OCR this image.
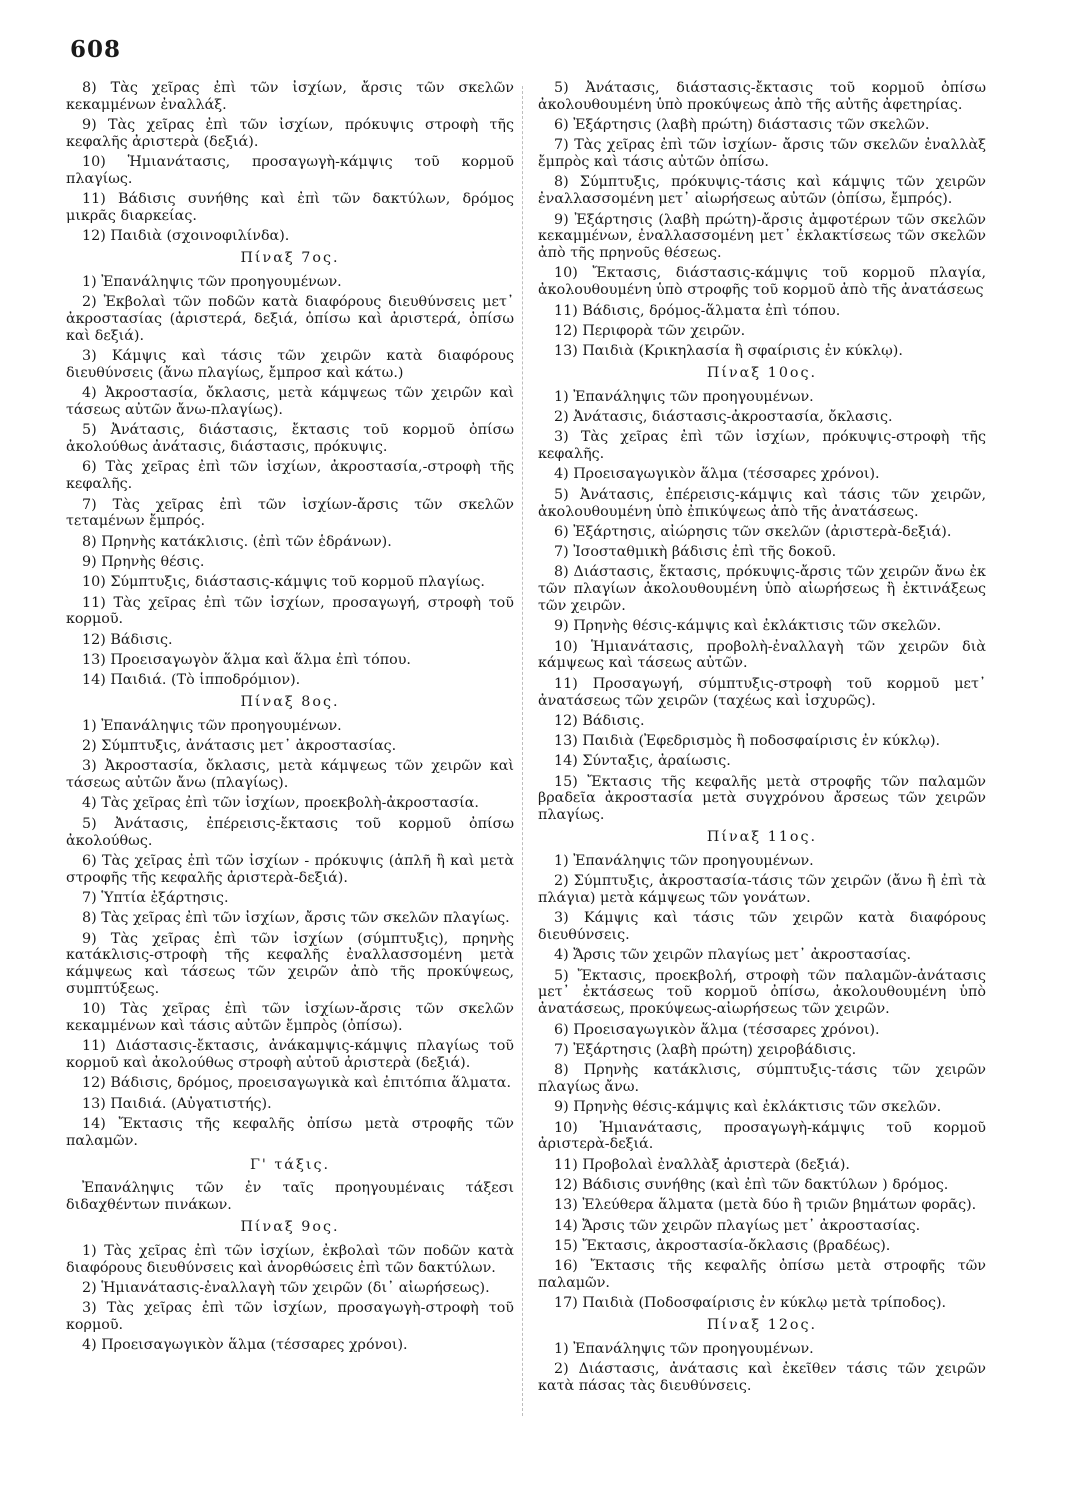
608

8) Τὰς χεῖρας ἐπὶ τῶν ἰσχίων, ἄρσις τῶν σκελῶν κεκαμμένων ἐναλλάξ.

9) Τὰς χεῖρας ἐπὶ τῶν ἰσχίων, πρόκυψις στροφὴ τῆς κεφαλῆς ἀριστερὰ (δεξιά).

10) Ἡμιανάτασις, προσαγωγὴ-κάμψις τοῦ κορμοῦ πλαγίως.

11) Βάδισις συνήθης καὶ ἐπὶ τῶν δακτύλων, δρόμος μικρᾶς διαρκείας.

12) Παιδιὰ (σχοινοφιλίνδα).

Πίναξ 7ος.

1) Ἐπανάληψις τῶν προηγουμένων.

2) Ἐκβολαὶ τῶν ποδῶν κατὰ διαφόρους διευθύνσεις μετ᾽ ἀκροστασίας (ἀριστερά, δεξιά, ὀπίσω καὶ ἀριστερά, ὀπίσω καὶ δεξιά).

3) Κάμψις καὶ τάσις τῶν χειρῶν κατὰ διαφόρους διευθύνσεις (ἄνω πλαγίως, ἔμπροσ καὶ κάτω.)

4) Ἀκροστασία, ὄκλασις, μετὰ κάμψεως τῶν χειρῶν καὶ τάσεως αὐτῶν ἄνω-πλαγίως).

5) Ἀνάτασις, διάστασις, ἔκτασις τοῦ κορμοῦ ὀπίσω ἀκολούθως ἀνάτασις, διάστασις, πρόκυψις.

6) Τὰς χεῖρας ἐπὶ τῶν ἰσχίων, ἀκροστασία,-στροφὴ τῆς κεφαλῆς.

7) Τὰς χεῖρας ἐπὶ τῶν ἰσχίων-ἄρσις τῶν σκελῶν τεταμένων ἔμπρός.

8) Πρηνὴς κατάκλισις. (ἐπὶ τῶν ἑδράνων).

9) Πρηνὴς θέσις.

10) Σύμπτυξις, διάστασις-κάμψις τοῦ κορμοῦ πλαγίως.

11) Τὰς χεῖρας ἐπὶ τῶν ἰσχίων, προσαγωγή, στροφὴ τοῦ κορμοῦ.

12) Βάδισις.

13) Προεισαγωγὸν ἅλμα καὶ ἅλμα ἐπὶ τόπου.

14) Παιδιά. (Τὸ ἱπποδρόμιον).

Πίναξ 8ος.

1) Ἐπανάληψις τῶν προηγουμένων.

2) Σύμπτυξις, ἀνάτασις μετ᾽ ἀκροστασίας.

3) Ἀκροστασία, ὄκλασις, μετὰ κάμψεως τῶν χειρῶν καὶ τάσεως αὐτῶν ἄνω (πλαγίως).

4) Τὰς χεῖρας ἐπὶ τῶν ἰσχίων, προεκβολὴ-ἀκροστασία.

5) Ἀνάτασις, ἐπέρεισις-ἔκτασις τοῦ κορμοῦ ὀπίσω ἀκολούθως.

6) Τὰς χεῖρας ἐπὶ τῶν ἰσχίων - πρόκυψις (ἁπλῆ ἢ καὶ μετὰ στροφῆς τῆς κεφαλῆς ἀριστερὰ-δεξιά).

7) Ὑπτία ἐξάρτησις.

8) Τὰς χεῖρας ἐπὶ τῶν ἰσχίων, ἄρσις τῶν σκελῶν πλαγίως.

9) Τὰς χεῖρας ἐπὶ τῶν ἰσχίων (σύμπτυξις), πρηνὴς κατάκλισις-στροφὴ τῆς κεφαλῆς ἐναλλασσομένη μετὰ κάμψεως καὶ τάσεως τῶν χειρῶν ἀπὸ τῆς προκύψεως, συμπτύξεως.

10) Τὰς χεῖρας ἐπὶ τῶν ἰσχίων-ἄρσις τῶν σκελῶν κεκαμμένων καὶ τάσις αὐτῶν ἔμπρὸς (ὀπίσω).

11) Διάστασις-ἔκτασις, ἀνάκαμψις-κάμψις πλαγίως τοῦ κορμοῦ καὶ ἀκολούθως στροφὴ αὐτοῦ ἀριστερὰ (δεξιά).

12) Βάδισις, δρόμος, προεισαγωγικὰ καὶ ἐπιτόπια ἅλματα.

13) Παιδιά. (Αὐγατιστής).

14) Ἔκτασις τῆς κεφαλῆς ὀπίσω μετὰ στροφῆς τῶν παλαμῶν.

Γ' τάξις.

Ἐπανάληψις τῶν ἐν ταῖς προηγουμέναις τάξεσι διδαχθέντων πινάκων.

Πίναξ 9ος.

1) Τὰς χεῖρας ἐπὶ τῶν ἰσχίων, ἐκβολαὶ τῶν ποδῶν κατὰ διαφόρους διευθύνσεις καὶ ἀνορθώσεις ἐπὶ τῶν δακτύλων.

2) Ἡμιανάτασις-ἐναλλαγὴ τῶν χειρῶν (δι᾽ αἰωρήσεως).

3) Τὰς χεῖρας ἐπὶ τῶν ἰσχίων, προσαγωγὴ-στροφὴ τοῦ κορμοῦ.

4) Προεισαγωγικὸν ἅλμα (τέσσαρες χρόνοι).

5) Ἀνάτασις, διάστασις-ἔκτασις τοῦ κορμοῦ ὀπίσω ἀκολουθουμένη ὑπὸ προκύψεως ἀπὸ τῆς αὐτῆς ἀφετηρίας.

6) Ἐξάρτησις (λαβὴ πρώτη) διάστασις τῶν σκελῶν.

7) Τὰς χεῖρας ἐπὶ τῶν ἰσχίων- ἄρσις τῶν σκελῶν ἐναλλὰξ ἔμπρὸς καὶ τάσις αὐτῶν ὀπίσω.

8) Σύμπτυξις, πρόκυψις-τάσις καὶ κάμψις τῶν χειρῶν ἐναλλασσομένη μετ᾽ αἰωρήσεως αὐτῶν (ὀπίσω, ἔμπρός).

9) Ἐξάρτησις (λαβὴ πρώτη)-ἄρσις ἀμφοτέρων τῶν σκελῶν κεκαμμένων, ἐναλλασσομένη μετ᾽ ἐκλακτίσεως τῶν σκελῶν ἀπὸ τῆς πρηνοῦς θέσεως.

10) Ἔκτασις, διάστασις-κάμψις τοῦ κορμοῦ πλαγία, ἀκολουθουμένη ὑπὸ στροφῆς τοῦ κορμοῦ ἀπὸ τῆς ἀνατάσεως

11) Βάδισις, δρόμος-ἅλματα ἐπὶ τόπου.

12) Περιφορὰ τῶν χειρῶν.

13) Παιδιὰ (Κρικηλασία ἢ σφαίρισις ἐν κύκλῳ).

Πίναξ 10ος.

1) Ἐπανάληψις τῶν προηγουμένων.

2) Ἀνάτασις, διάστασις-ἀκροστασία, ὄκλασις.

3) Τὰς χεῖρας ἐπὶ τῶν ἰσχίων, πρόκυψις-στροφὴ τῆς κεφαλῆς.

4) Προεισαγωγικὸν ἅλμα (τέσσαρες χρόνοι).

5) Ἀνάτασις, ἐπέρεισις-κάμψις καὶ τάσις τῶν χειρῶν, ἀκολουθουμένη ὑπὸ ἐπικύψεως ἀπὸ τῆς ἀνατάσεως.

6) Ἐξάρτησις, αἰώρησις τῶν σκελῶν (ἀριστερὰ-δεξιά).

7) Ἰσοσταθμικὴ βάδισις ἐπὶ τῆς δοκοῦ.

8) Διάστασις, ἔκτασις, πρόκυψις-ἄρσις τῶν χειρῶν ἄνω ἐκ τῶν πλαγίων ἀκολουθουμένη ὑπὸ αἰωρήσεως ἢ ἐκτινάξεως τῶν χειρῶν.

9) Πρηνὴς θέσις-κάμψις καὶ ἐκλάκτισις τῶν σκελῶν.

10) Ἡμιανάτασις, προβολὴ-ἐναλλαγὴ τῶν χειρῶν διὰ κάμψεως καὶ τάσεως αὐτῶν.

11) Προσαγωγή, σύμπτυξις-στροφὴ τοῦ κορμοῦ μετ᾽ ἀνατάσεως τῶν χειρῶν (ταχέως καὶ ἰσχυρῶς).

12) Βάδισις.

13) Παιδιὰ (Ἐφεδρισμὸς ἢ ποδοσφαίρισις ἐν κύκλῳ).

14) Σύνταξις, ἀραίωσις.

15) Ἔκτασις τῆς κεφαλῆς μετὰ στροφῆς τῶν παλαμῶν βραδεῖα ἀκροστασία μετὰ συγχρόνου ἄρσεως τῶν χειρῶν πλαγίως.

Πίναξ 11ος.

1) Ἐπανάληψις τῶν προηγουμένων.

2) Σύμπτυξις, ἀκροστασία-τάσις τῶν χειρῶν (ἄνω ἢ ἐπὶ τὰ πλάγια) μετὰ κάμψεως τῶν γονάτων.

3) Κάμψις καὶ τάσις τῶν χειρῶν κατὰ διαφόρους διευθύνσεις.

4) Ἄρσις τῶν χειρῶν πλαγίως μετ᾽ ἀκροστασίας.

5) Ἔκτασις, προεκβολή, στροφὴ τῶν παλαμῶν-ἀνάτασις μετ᾽ ἐκτάσεως τοῦ κορμοῦ ὀπίσω, ἀκολουθουμένη ὑπὸ ἀνατάσεως, προκύψεως-αἰωρήσεως τῶν χειρῶν.

6) Προεισαγωγικὸν ἅλμα (τέσσαρες χρόνοι).

7) Ἐξάρτησις (λαβὴ πρώτη) χειροβάδισις.

8) Πρηνὴς κατάκλισις, σύμπτυξις-τάσις τῶν χειρῶν πλαγίως ἄνω.

9) Πρηνὴς θέσις-κάμψις καὶ ἐκλάκτισις τῶν σκελῶν.

10) Ἡμιανάτασις, προσαγωγὴ-κάμψις τοῦ κορμοῦ ἀριστερὰ-δεξιά.

11) Προβολαὶ ἐναλλὰξ ἀριστερὰ (δεξιά).

12) Βάδισις συνήθης (καὶ ἐπὶ τῶν δακτύλων ) δρόμος.

13) Ἐλεύθερα ἅλματα (μετὰ δύο ἢ τριῶν βημάτων φορᾶς).

14) Ἄρσις τῶν χειρῶν πλαγίως μετ᾽ ἀκροστασίας.

15) Ἔκτασις, ἀκροστασία-ὄκλασις (βραδέως).

16) Ἔκτασις τῆς κεφαλῆς ὀπίσω μετὰ στροφῆς τῶν παλαμῶν.

17) Παιδιὰ (Ποδοσφαίρισις ἐν κύκλῳ μετὰ τρίποδος).

Πίναξ 12ος.

1) Ἐπανάληψις τῶν προηγουμένων.

2) Διάστασις, ἀνάτασις καὶ ἐκεῖθεν τάσις τῶν χειρῶν κατὰ πάσας τὰς διευθύνσεις.
